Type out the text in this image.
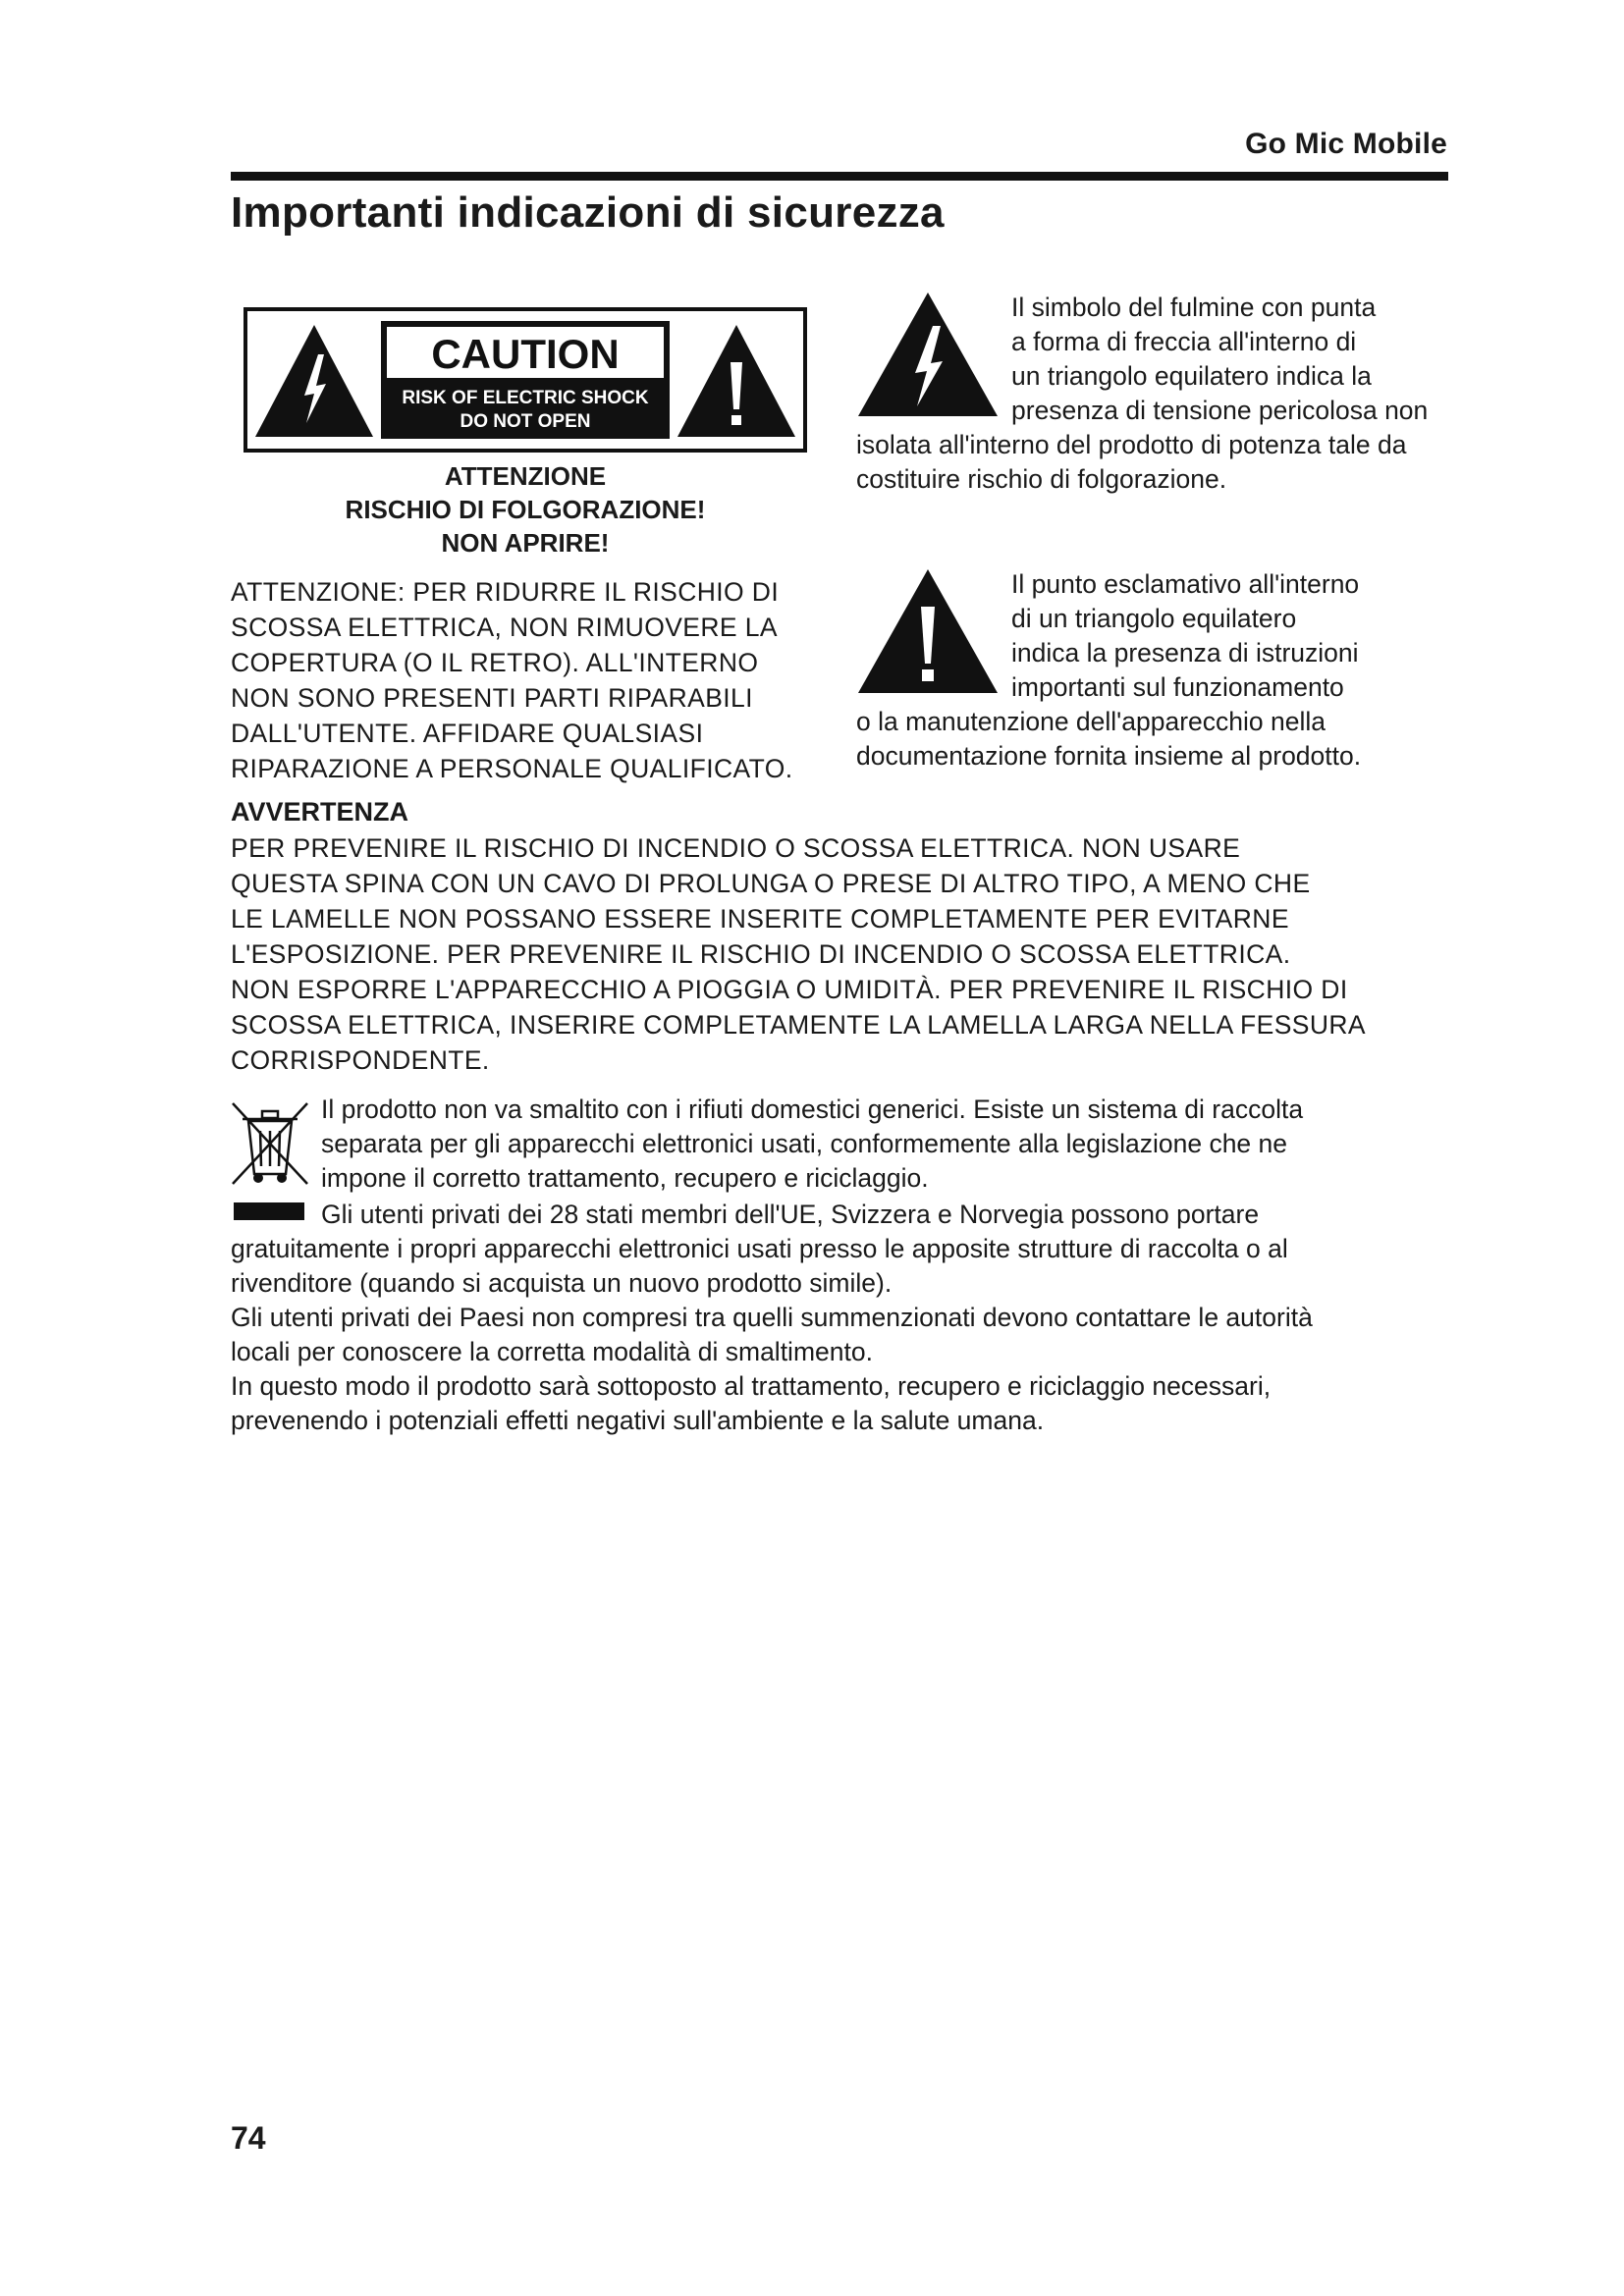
Go Mic Mobile
Importanti indicazioni di sicurezza
CAUTION
RISK OF ELECTRIC SHOCK
DO NOT OPEN
ATTENZIONE
RISCHIO DI FOLGORAZIONE!
NON APRIRE!
ATTENZIONE: PER RIDURRE IL RISCHIO DI
SCOSSA ELETTRICA, NON RIMUOVERE LA
COPERTURA (O IL RETRO). ALL'INTERNO
NON SONO PRESENTI PARTI RIPARABILI
DALL'UTENTE. AFFIDARE QUALSIASI
RIPARAZIONE A PERSONALE QUALIFICATO.
Il simbolo del fulmine con punta
a forma di freccia all'interno di
un triangolo equilatero indica la
presenza di tensione pericolosa non
isolata all'interno del prodotto di potenza tale da
costituire rischio di folgorazione.
Il punto esclamativo all'interno
di un triangolo equilatero
indica la presenza di istruzioni
importanti sul funzionamento
o la manutenzione dell'apparecchio nella
documentazione fornita insieme al prodotto.
AVVERTENZA
PER PREVENIRE IL RISCHIO DI INCENDIO O SCOSSA ELETTRICA. NON USARE
QUESTA SPINA CON UN CAVO DI PROLUNGA O PRESE DI ALTRO TIPO, A MENO CHE
LE LAMELLE NON POSSANO ESSERE INSERITE COMPLETAMENTE PER EVITARNE
L'ESPOSIZIONE. PER PREVENIRE IL RISCHIO DI INCENDIO O SCOSSA ELETTRICA.
NON ESPORRE L'APPARECCHIO A PIOGGIA O UMIDITÀ. PER PREVENIRE IL RISCHIO DI
SCOSSA ELETTRICA, INSERIRE COMPLETAMENTE LA LAMELLA LARGA NELLA FESSURA
CORRISPONDENTE.
Il prodotto non va smaltito con i rifiuti domestici generici. Esiste un sistema di raccolta
separata per gli apparecchi elettronici usati, conformemente alla legislazione che ne
impone il corretto trattamento, recupero e riciclaggio.
Gli utenti privati dei 28 stati membri dell'UE, Svizzera e Norvegia possono portare
gratuitamente i propri apparecchi elettronici usati presso le apposite strutture di raccolta o al
rivenditore (quando si acquista un nuovo prodotto simile).
Gli utenti privati dei Paesi non compresi tra quelli summenzionati devono contattare le autorità
locali per conoscere la corretta modalità di smaltimento.
In questo modo il prodotto sarà sottoposto al trattamento, recupero e riciclaggio necessari,
prevenendo i potenziali effetti negativi sull'ambiente e la salute umana.
74
